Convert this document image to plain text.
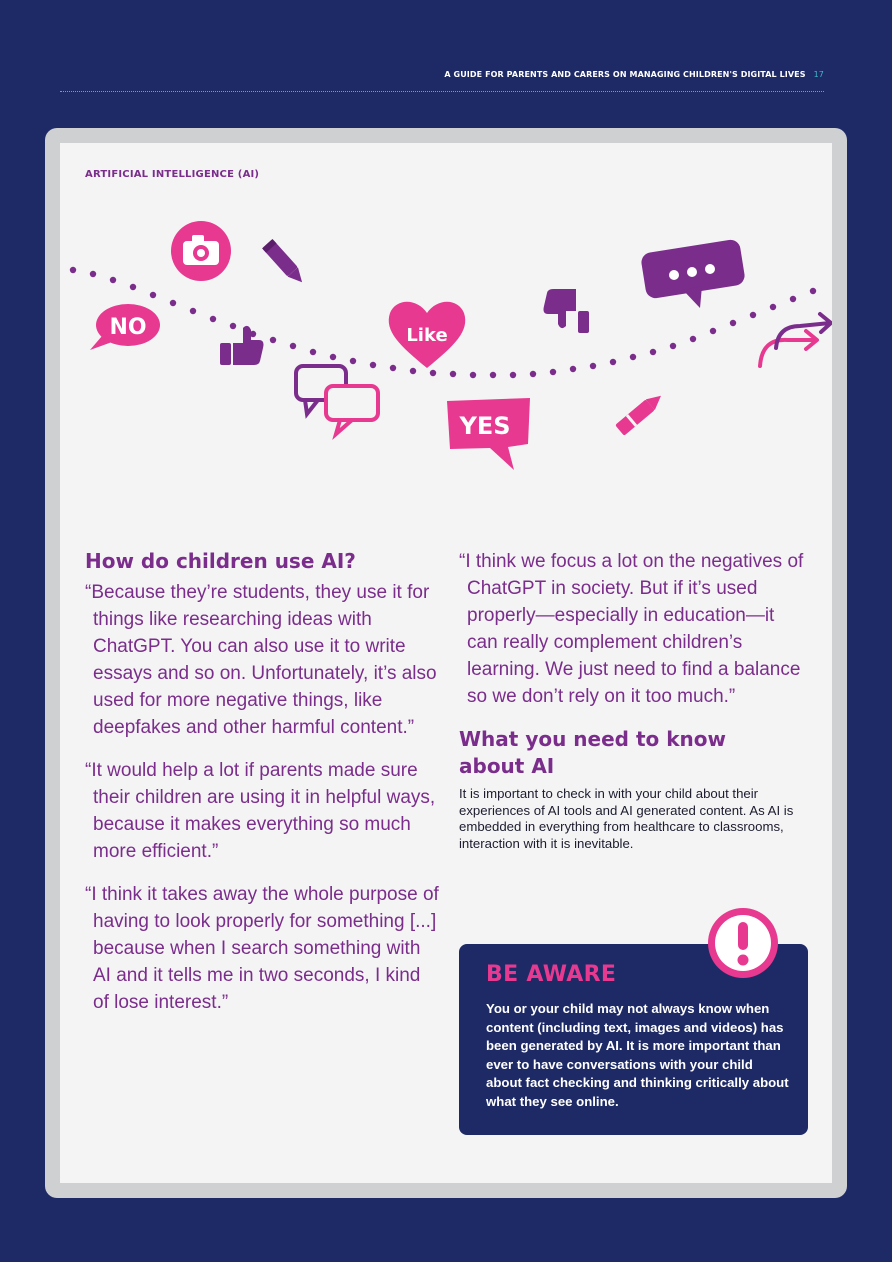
A GUIDE FOR PARENTS AND CARERS ON MANAGING CHILDREN'S DIGITAL LIVES 17
ARTIFICIAL INTELLIGENCE (AI)
NO	Like
YES
How do children use AI?

“Because they’re students, they use it for things like researching ideas with ChatGPT. You can also use it to write essays and so on. Unfortunately, it’s also used for more negative things, like deepfakes and other harmful content.”

“It would help a lot if parents made sure their children are using it in helpful ways, because it makes everything so much more efficient.”

“I think it takes away the whole purpose of having to look properly for something [...] because when I search something with AI and it tells me in two seconds, I kind of lose interest.”

“I think we focus a lot on the negatives of ChatGPT in society. But if it’s used properly—especially in education—it can really complement children’s learning. We just need to find a balance so we don’t rely on it too much.”

What you need to know
about AI

It is important to check in with your child about their experiences of AI tools and AI generated content. As AI is embedded in everything from healthcare to classrooms, interaction with it is inevitable.

BE AWARE
You or your child may not always know when content (including text, images and videos) has been generated by AI. It is more important than ever to have conversations with your child about fact checking and thinking critically about what they see online.
